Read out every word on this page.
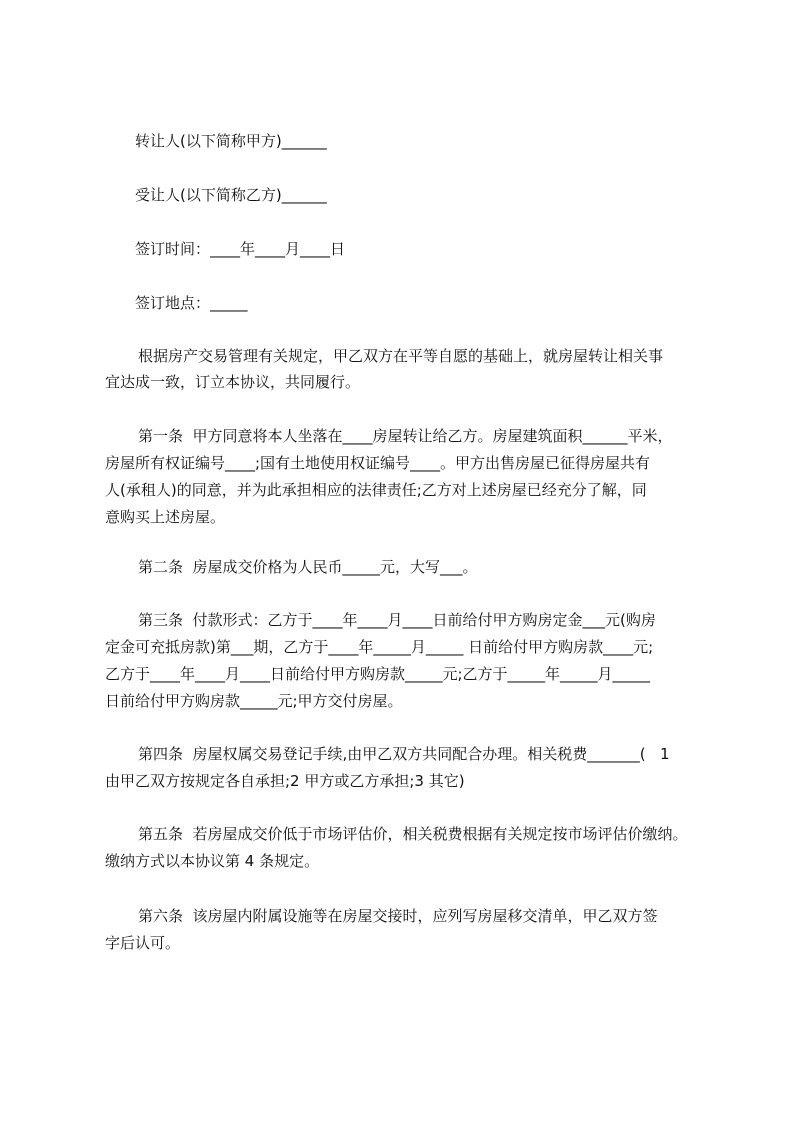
转让人(以下简称甲方)______
受让人(以下简称乙方)______
签订时间：____年____月____日
签订地点：_____
根据房产交易管理有关规定，甲乙双方在平等自愿的基础上，就房屋转让相关事
宜达成一致，订立本协议，共同履行。
第一条  甲方同意将本人坐落在____房屋转让给乙方。房屋建筑面积______平米，
房屋所有权证编号____;国有土地使用权证编号____。甲方出售房屋已征得房屋共有
人(承租人)的同意，并为此承担相应的法律责任;乙方对上述房屋已经充分了解，同
意购买上述房屋。
第二条  房屋成交价格为人民币_____元，大写___。
第三条  付款形式：乙方于____年____月____日前给付甲方购房定金___元(购房
定金可充抵房款)第___期，乙方于____年_____月_____ 日前给付甲方购房款____元;
乙方于____年____月____日前给付甲方购房款_____元;乙方于_____年_____月_____
日前给付甲方购房款_____元;甲方交付房屋。
第四条  房屋权属交易登记手续,由甲乙双方共同配合办理。相关税费_______(   1
由甲乙双方按规定各自承担;2 甲方或乙方承担;3 其它)
第五条  若房屋成交价低于市场评估价，相关税费根据有关规定按市场评估价缴纳。
缴纳方式以本协议第 4 条规定。
第六条  该房屋内附属设施等在房屋交接时，应列写房屋移交清单，甲乙双方签
字后认可。
